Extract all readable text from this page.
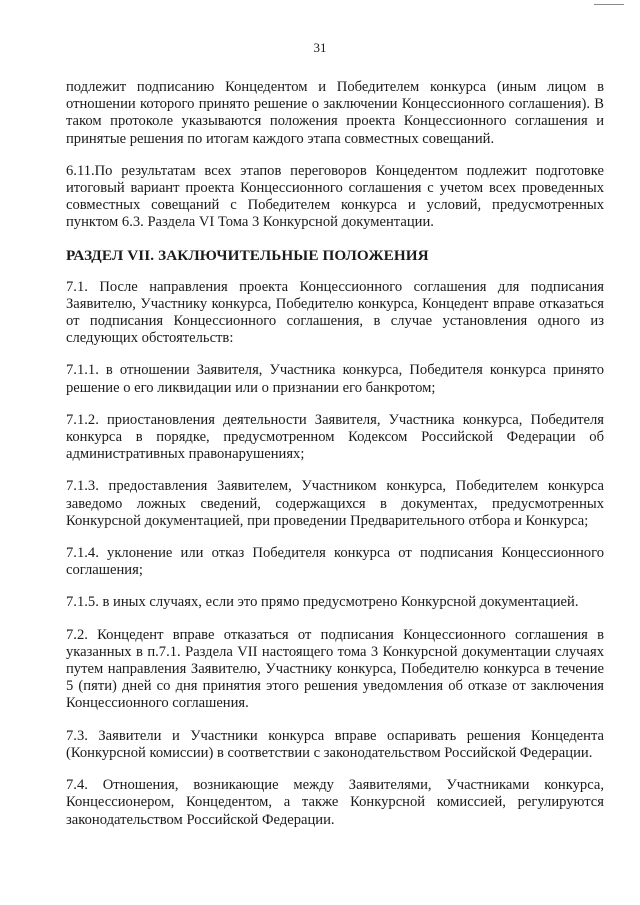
31

подлежит подписанию Концедентом и Победителем конкурса (иным лицом в отношении которого принято решение о заключении Концессионного соглашения). В таком протоколе указываются положения проекта Концессионного соглашения и принятые решения по итогам каждого этапа совместных совещаний.

6.11.По результатам всех этапов переговоров Концедентом подлежит подготовке итоговый вариант проекта Концессионного соглашения с учетом всех проведенных совместных совещаний с Победителем конкурса и условий, предусмотренных пунктом 6.3. Раздела VI Тома 3 Конкурсной документации.

РАЗДЕЛ VII. ЗАКЛЮЧИТЕЛЬНЫЕ ПОЛОЖЕНИЯ

7.1. После направления проекта Концессионного соглашения для подписания Заявителю, Участнику конкурса, Победителю конкурса, Концедент вправе отказаться от подписания Концессионного соглашения, в случае установления одного из следующих обстоятельств:

7.1.1. в отношении Заявителя, Участника конкурса, Победителя конкурса принято решение о его ликвидации или о признании его банкротом;

7.1.2. приостановления деятельности Заявителя, Участника конкурса, Победителя конкурса в порядке, предусмотренном Кодексом Российской Федерации об административных правонарушениях;

7.1.3. предоставления Заявителем, Участником конкурса, Победителем конкурса заведомо ложных сведений, содержащихся в документах, предусмотренных Конкурсной документацией, при проведении Предварительного отбора и Конкурса;

7.1.4. уклонение или отказ Победителя конкурса от подписания Концессионного соглашения;

7.1.5. в иных случаях, если это прямо предусмотрено Конкурсной документацией.

7.2. Концедент вправе отказаться от подписания Концессионного соглашения в указанных в п.7.1. Раздела VII настоящего тома 3 Конкурсной документации случаях путем направления Заявителю, Участнику конкурса, Победителю конкурса в течение 5 (пяти) дней со дня принятия этого решения уведомления об отказе от заключения Концессионного соглашения.

7.3. Заявители и Участники конкурса вправе оспаривать решения Концедента (Конкурсной комиссии) в соответствии с законодательством Российской Федерации.

7.4. Отношения, возникающие между Заявителями, Участниками конкурса, Концессионером, Концедентом, а также Конкурсной комиссией, регулируются законодательством Российской Федерации.
